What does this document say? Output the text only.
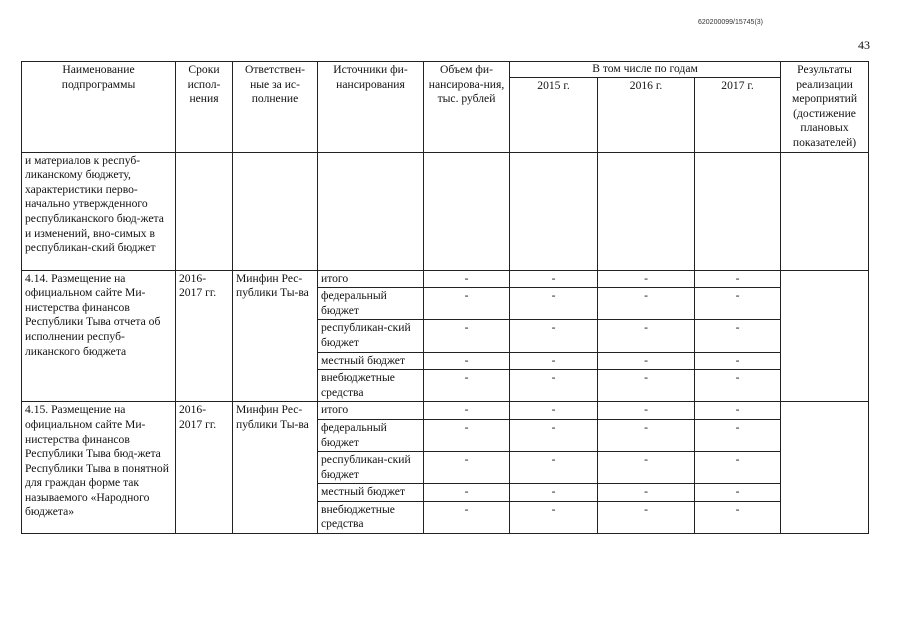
620200099/15745(3)
43
Наименование подпрограммы	Сроки испол-нения	Ответствен-ные за ис-полнение	Источники фи-нансирования	Объем фи-нансирова-ния, тыс. рублей	В том числе по годам			Результаты реализации мероприятий (достижение плановых показателей)
					2015 г.	2016 г.	2017 г.	
и материалов к респуб-ликанскому бюджету, характеристики перво-начально утвержденного республиканского бюд-жета и изменений, вно-симых в республикан-ский бюджет								
4.14. Размещение на официальном сайте Ми-нистерства финансов Республики Тыва отчета об исполнении респуб-ликанского бюджета	2016-2017 гг.	Минфин Рес-публики Ты-ва	итого	-	-	-	-	
			федеральный бюджет	-	-	-	-	
			республикан-ский бюджет	-	-	-	-	
			местный бюджет	-	-	-	-	
			внебюджетные средства	-	-	-	-	
4.15. Размещение на официальном сайте Ми-нистерства финансов Республики Тыва бюд-жета Республики Тыва в понятной для граждан форме так называемого «Народного бюджета»	2016-2017 гг.	Минфин Рес-публики Ты-ва	итого	-	-	-	-	
			федеральный бюджет	-	-	-	-	
			республикан-ский бюджет	-	-	-	-	
			местный бюджет	-	-	-	-	
			внебюджетные средства	-	-	-	-	
